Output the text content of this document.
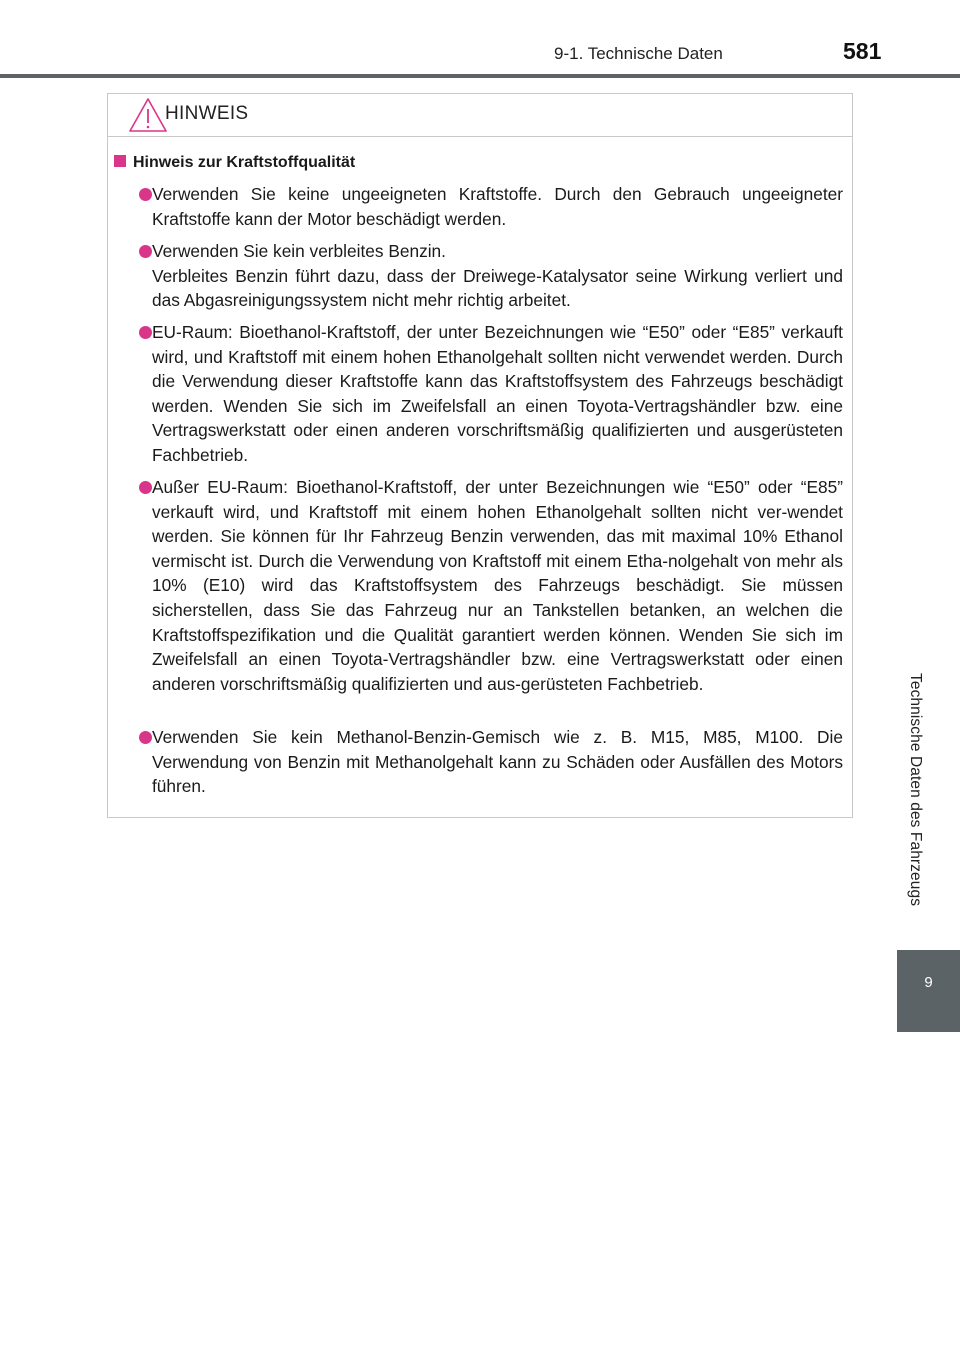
9-1. Technische Daten	581
Technische Daten des Fahrzeugs
9
HINWEIS
Hinweis zur Kraftstoffqualität
Verwenden Sie keine ungeeigneten Kraftstoffe. Durch den Gebrauch ungeeigneter Kraftstoffe kann der Motor beschädigt werden.
Verwenden Sie kein verbleites Benzin.
Verbleites Benzin führt dazu, dass der Dreiwege-Katalysator seine Wirkung verliert und das Abgasreinigungssystem nicht mehr richtig arbeitet.
EU-Raum: Bioethanol-Kraftstoff, der unter Bezeichnungen wie “E50” oder “E85” verkauft wird, und Kraftstoff mit einem hohen Ethanolgehalt sollten nicht verwendet werden. Durch die Verwendung dieser Kraftstoffe kann das Kraftstoffsystem des Fahrzeugs beschädigt werden. Wenden Sie sich im Zweifelsfall an einen Toyota-Vertragshändler bzw. eine Vertragswerkstatt oder einen anderen vorschriftsmäßig qualifizierten und ausgerüsteten Fachbetrieb.
Außer EU-Raum: Bioethanol-Kraftstoff, der unter Bezeichnungen wie “E50” oder “E85” verkauft wird, und Kraftstoff mit einem hohen Ethanolgehalt sollten nicht ver-wendet werden. Sie können für Ihr Fahrzeug Benzin verwenden, das mit maximal 10% Ethanol vermischt ist. Durch die Verwendung von Kraftstoff mit einem Etha-nolgehalt von mehr als 10% (E10) wird das Kraftstoffsystem des Fahrzeugs beschädigt. Sie müssen sicherstellen, dass Sie das Fahrzeug nur an Tankstellen betanken, an welchen die Kraftstoffspezifikation und die Qualität garantiert werden können. Wenden Sie sich im Zweifelsfall an einen Toyota-Vertragshändler bzw. eine Vertragswerkstatt oder einen anderen vorschriftsmäßig qualifizierten und aus-gerüsteten Fachbetrieb.
Verwenden Sie kein Methanol-Benzin-Gemisch wie z. B. M15, M85, M100. Die Verwendung von Benzin mit Methanolgehalt kann zu Schäden oder Ausfällen des Motors führen.
